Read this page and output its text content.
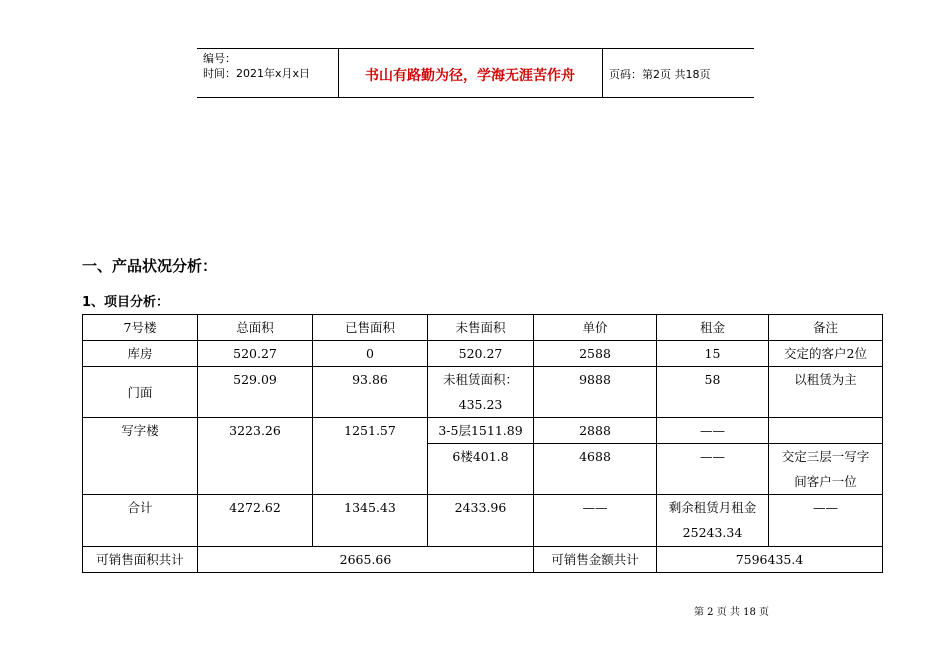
编号：
时间：2021年x月x日	书山有路勤为径，学海无涯苦作舟	页码：第2页 共18页
一、产品状况分析：
1、项目分析：
7号楼	总面积	已售面积	未售面积	单价	租金	备注
库房	520.27	0	520.27	2588	15	交定的客户2位
门面	529.09	93.86	未租赁面积：
435.23	9888	58	以租赁为主
写字楼	3223.26	1251.57	3-5层1511.89	2888	——	
			6楼401.8	4688	——	交定三层一写字
间客户一位

合计	4272.62	1345.43	2433.96	——	剩余租赁月租金
25243.34	——
可销售面积共计	2665.66			可销售金额共计	7596435.4	
第 2 页 共 18 页
